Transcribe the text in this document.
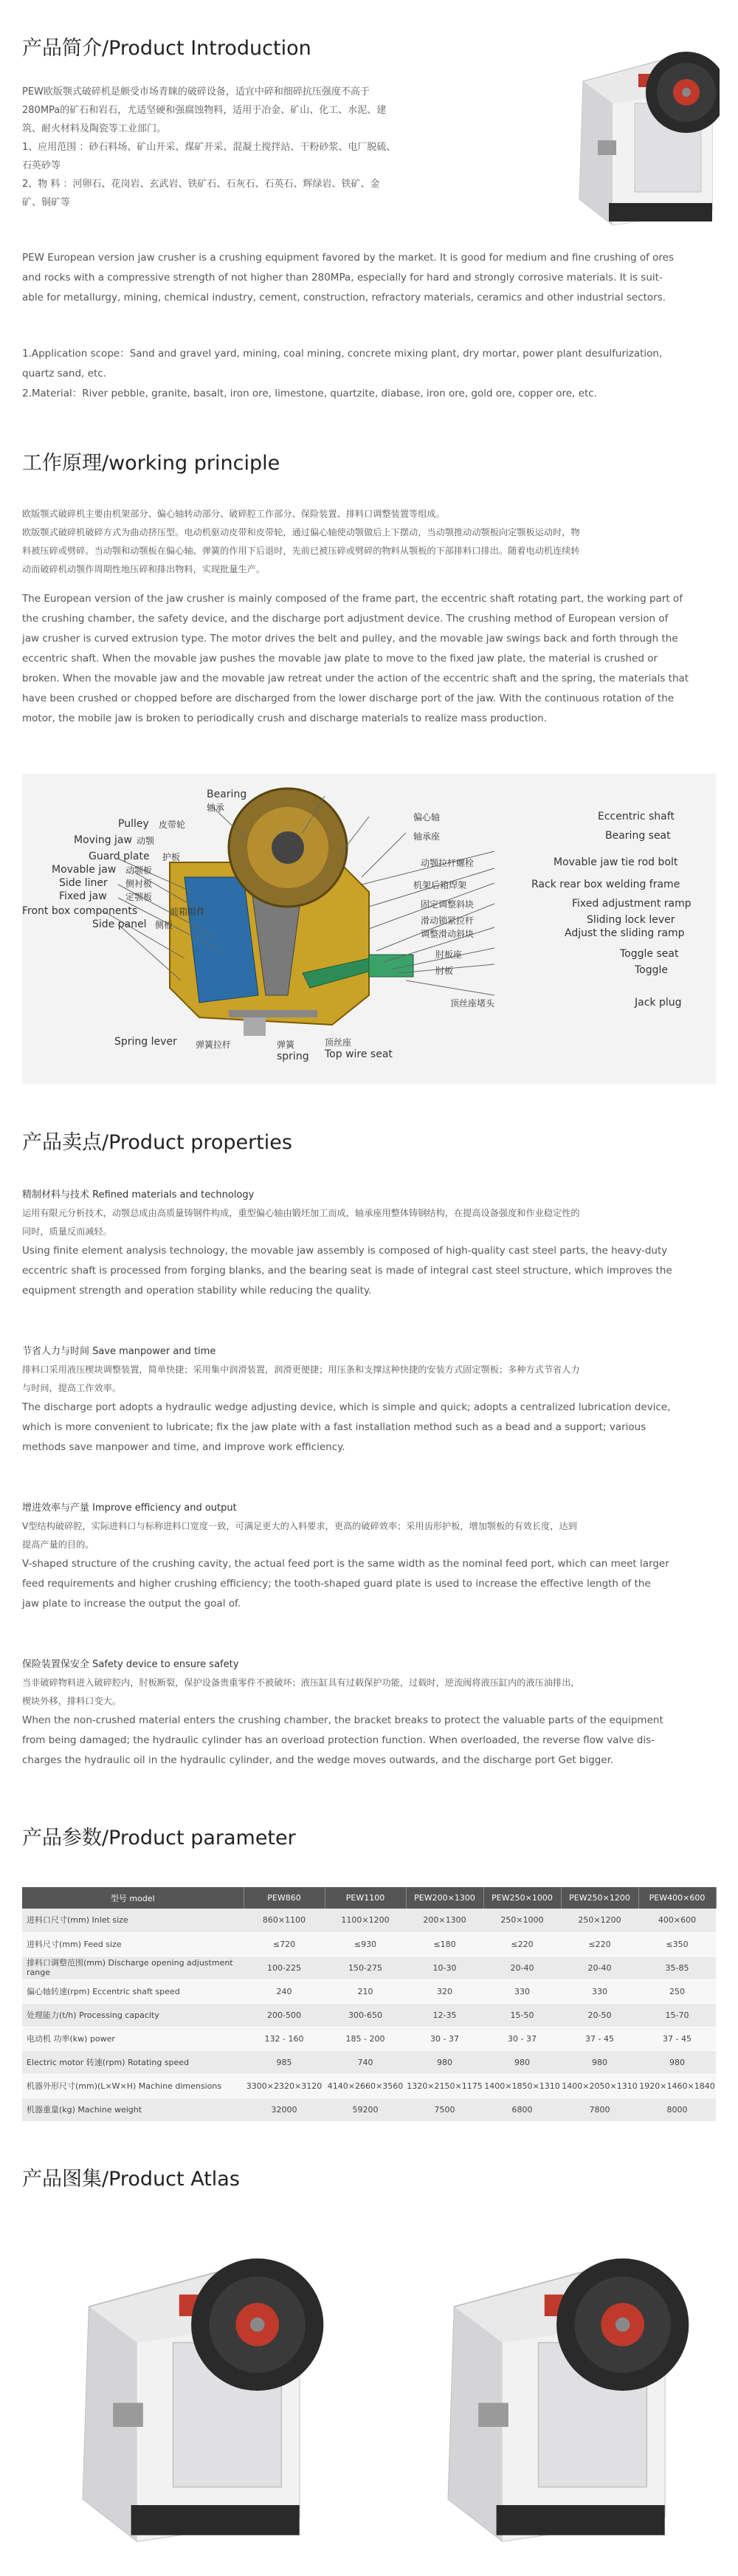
产品简介/Product Introduction

PEW欧版颚式破碎机是颇受市场青睐的破碎设备，适宜中碎和细碎抗压强度不高于

280MPa的矿石和岩石，尤适坚硬和强腐蚀物料，适用于冶金、矿山、化工、水泥、建

筑、耐火材料及陶瓷等工业部门。

1、应用范围 ：砂石料场、矿山开采、煤矿开采、混凝土搅拌站、干粉砂浆、电厂脱硫、

石英砂等

2、物 料 ：河卵石、花岗岩、玄武岩、铁矿石、石灰石、石英石、辉绿岩、铁矿、金

矿、铜矿等

PEW European version jaw crusher is a crushing equipment favored by the market. It is good for medium and fine crushing of ores

and rocks with a compressive strength of not higher than 280MPa, especially for hard and strongly corrosive materials. It is suit-

able for metallurgy, mining, chemical industry, cement, construction, refractory materials, ceramics and other industrial sectors.

1.Application scope：Sand and gravel yard, mining, coal mining, concrete mixing plant, dry mortar, power plant desulfurization,

quartz sand, etc.

2.Material：River pebble, granite, basalt, iron ore, limestone, quartzite, diabase, iron ore, gold ore, copper ore, etc.

工作原理/working principle

欧版颚式破碎机主要由机架部分、偏心轴转动部分、破碎腔工作部分、保险装置、排料口调整装置等组成。

欧版颚式破碎机破碎方式为曲动挤压型。电动机驱动皮带和皮带轮，通过偏心轴使动颚做后上下摆动，当动颚推动动颚板向定颚板运动时，物

料被压碎或劈碎。当动颚和动颚板在偏心轴、弹簧的作用下后退时，先前已被压碎或劈碎的物料从颚板的下部排料口排出。随着电动机连续转

动而破碎机动颚作周期性地压碎和排出物料，实现批量生产。

The European version of the jaw crusher is mainly composed of the frame part, the eccentric shaft rotating part, the working part of

the crushing chamber, the safety device, and the discharge port adjustment device. The crushing method of European version of

jaw crusher is curved extrusion type. The motor drives the belt and pulley, and the movable jaw swings back and forth through the

eccentric shaft. When the movable jaw pushes the movable jaw plate to move to the fixed jaw plate, the material is crushed or

broken. When the movable jaw and the movable jaw retreat under the action of the eccentric shaft and the spring, the materials that

have been crushed or chopped before are discharged from the lower discharge port of the jaw. With the continuous rotation of the

motor, the mobile jaw is broken to periodically crush and discharge materials to realize mass production.

Bearing
轴承
Pulley 皮带轮
Moving jaw 动颚
Guard plate 护板
Movable jaw 动颚板
Side liner 侧衬板
Fixed jaw 定颚板
Front box components	前箱组件
Side panel 侧板
Spring lever 弹簧拉杆	弹簧
spring
顶丝座
Top wire seat
偏心轴	Eccentric shaft
轴承座	Bearing seat
动颚拉杆螺栓	Movable jaw tie rod bolt
机架后箱焊架	Rack rear box welding frame
固定调整斜块	Fixed adjustment ramp
滑动锁紧拉杆	Sliding lock lever
调整滑动斜块	Adjust the sliding ramp
肘板座	Toggle seat
肘板	Toggle
顶丝座堵头	Jack plug
产品卖点/Product properties

精制材料与技术 Refined materials and technology

运用有限元分析技术，动颚总成由高质量铸钢件构成，重型偏心轴由锻坯加工而成，轴承座用整体铸钢结构，在提高设备强度和作业稳定性的

同时，质量反而减轻。

Using finite element analysis technology, the movable jaw assembly is composed of high-quality cast steel parts, the heavy-duty

eccentric shaft is processed from forging blanks, and the bearing seat is made of integral cast steel structure, which improves the

equipment strength and operation stability while reducing the quality.

节省人力与时间 Save manpower and time

排料口采用液压楔块调整装置，简单快捷；采用集中润滑装置，润滑更便捷；用压条和支撑这种快捷的安装方式固定颚板；多种方式节省人力

与时间，提高工作效率。

The discharge port adopts a hydraulic wedge adjusting device, which is simple and quick; adopts a centralized lubrication device,

which is more convenient to lubricate; fix the jaw plate with a fast installation method such as a bead and a support; various

methods save manpower and time, and improve work efficiency.

增进效率与产量 Improve efficiency and output

V型结构破碎腔，实际进料口与标称进料口宽度一致，可满足更大的入料要求，更高的破碎效率；采用齿形护板，增加颚板的有效长度，达到

提高产量的目的。

V-shaped structure of the crushing cavity, the actual feed port is the same width as the nominal feed port, which can meet larger

feed requirements and higher crushing efficiency; the tooth-shaped guard plate is used to increase the effective length of the

jaw plate to increase the output the goal of.

保险装置保安全 Safety device to ensure safety

当非破碎物料进入破碎腔内，肘板断裂，保护设备贵重零件不被破坏；液压缸具有过载保护功能，过载时，逆流阀将液压缸内的液压油排出，

楔块外移，排料口变大。

When the non-crushed material enters the crushing chamber, the bracket breaks to protect the valuable parts of the equipment

from being damaged; the hydraulic cylinder has an overload protection function. When overloaded, the reverse flow valve dis-

charges the hydraulic oil in the hydraulic cylinder, and the wedge moves outwards, and the discharge port Get bigger.

产品参数/Product parameter
型号 model	PEW860	PEW1100	PEW200×1300	PEW250×1000	PEW250×1200	PEW400×600
进料口尺寸(mm) Inlet size	860×1100	1100×1200	200×1300	250×1000	250×1200	400×600
进料尺寸(mm) Feed size	≤720	≤930	≤180	≤220	≤220	≤350
排料口调整范围(mm) Discharge opening adjustment range	100-225	150-275	10-30	20-40	20-40	35-85
偏心轴转速(rpm) Eccentric shaft speed	240	210	320	330	330	250
处理能力(t/h) Processing capacity	200-500	300-650	12-35	15-50	20-50	15-70
电动机 功率(kw) power	132 - 160	185 - 200	30 - 37	30 - 37	37 - 45	37 - 45
Electric motor 转速(rpm) Rotating speed	985	740	980	980	980	980
机器外形尺寸(mm)(L×W×H) Machine dimensions	3300×2320×3120	4140×2660×3560	1320×2150×1175	1400×1850×1310	1400×2050×1310	1920×1460×1840
机器重量(kg) Machine weight	32000	59200	7500	6800	7800	8000
产品图集/Product Atlas
